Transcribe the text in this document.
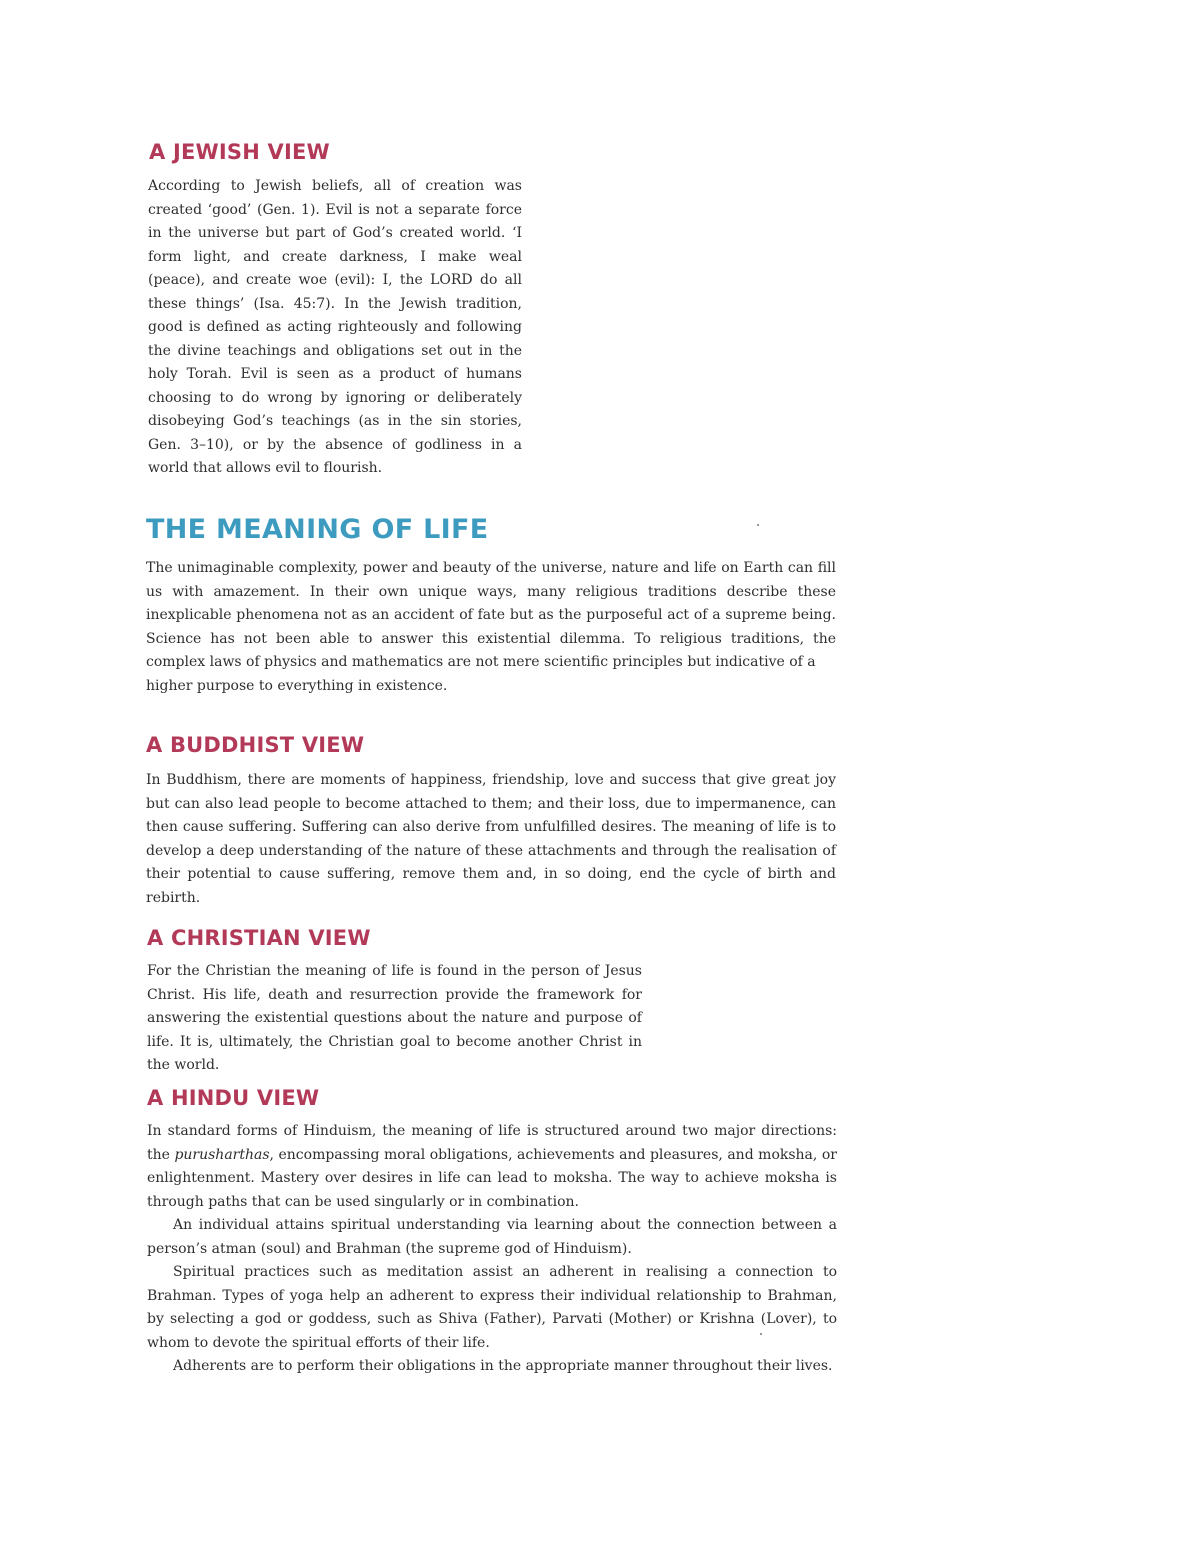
A JEWISH VIEW
According to Jewish beliefs, all of creation was created ‘good’ (Gen. 1). Evil is not a separate force in the universe but part of God’s created world. ‘I form light, and create darkness, I make weal (peace), and create woe (evil): I, the LORD do all these things’ (Isa. 45:7). In the Jewish tradition, good is defined as acting righteously and following the divine teachings and obligations set out in the holy Torah. Evil is seen as a product of humans choosing to do wrong by ignoring or deliberately disobeying God’s teachings (as in the sin stories, Gen. 3–10), or by the absence of godliness in a world that allows evil to flourish.
THE MEANING OF LIFE
The unimaginable complexity, power and beauty of the universe, nature and life on Earth can fill us with amazement. In their own unique ways, many religious traditions describe these inexplicable phenomena not as an accident of fate but as the purposeful act of a supreme being. Science has not been able to answer this existential dilemma. To religious traditions, the complex laws of physics and mathematics are not mere scientific principles but indicative of a
higher purpose to everything in existence.
A BUDDHIST VIEW
In Buddhism, there are moments of happiness, friendship, love and success that give great joy but can also lead people to become attached to them; and their loss, due to impermanence, can then cause suffering. Suffering can also derive from unfulfilled desires. The meaning of life is to develop a deep understanding of the nature of these attachments and through the realisation of their potential to cause suffering, remove them and, in so doing, end the cycle of birth and rebirth.
A CHRISTIAN VIEW
For the Christian the meaning of life is found in the person of Jesus Christ. His life, death and resurrection provide the framework for answering the existential questions about the nature and purpose of life. It is, ultimately, the Christian goal to become another Christ in the world.
A HINDU VIEW

In standard forms of Hinduism, the meaning of life is structured around two major directions: the purusharthas, encompassing moral obligations, achievements and pleasures, and moksha, or enlightenment. Mastery over desires in life can lead to moksha. The way to achieve moksha is through paths that can be used singularly or in combination.

An individual attains spiritual understanding via learning about the connection between a person’s atman (soul) and Brahman (the supreme god of Hinduism).

Spiritual practices such as meditation assist an adherent in realising a connection to Brahman. Types of yoga help an adherent to express their individual relationship to Brahman, by selecting a god or goddess, such as Shiva (Father), Parvati (Mother) or Krishna (Lover), to whom to devote the spiritual efforts of their life.

Adherents are to perform their obligations in the appropriate manner throughout their lives.
